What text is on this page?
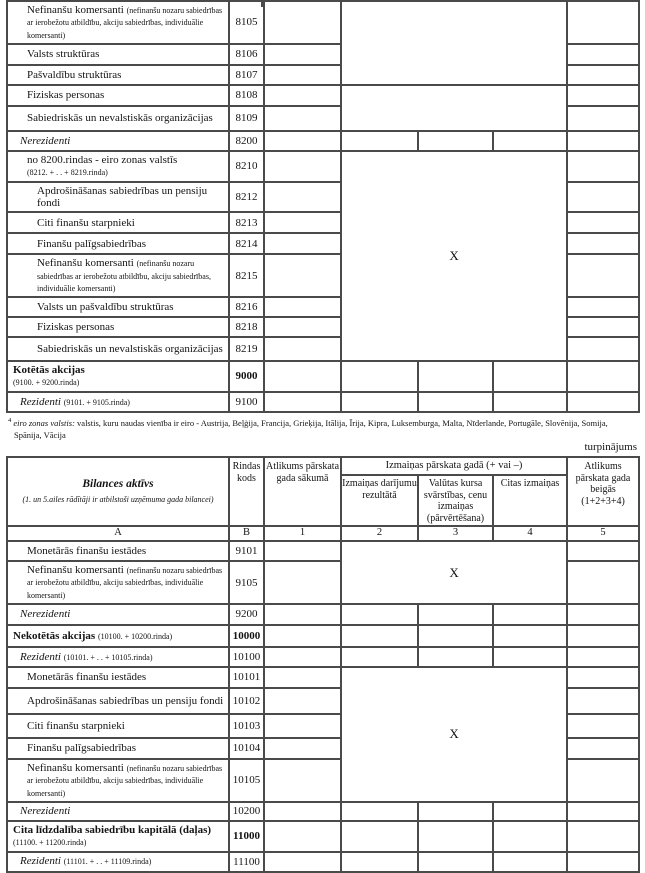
Nefinanšu komersanti (nefinanšu nozaru sabiedrības ar ierobežotu atbildību, akciju sabiedrības, individuālie komersanti)	8105					
Valsts struktūras	8106					
Pašvaldību struktūras	8107					
Fiziskas personas	8108					
Sabiedriskās un nevalstiskās organizācijas	8109					
Nerezidenti	8200					
no 8200.rindas - eiro zonas valstīs
(8212. + . . + 8219.rinda)	8210		X			
Apdrošināšanas sabiedrības un pensiju fondi	8212					
Citi finanšu starpnieki	8213					
Finanšu palīgsabiedrības	8214					
Nefinanšu komersanti (nefinanšu nozaru sabiedrības ar ierobežotu atbildību, akciju sabiedrības, individuālie komersanti)	8215					
Valsts un pašvaldību struktūras	8216					
Fiziskas personas	8218					
Sabiedriskās un nevalstiskās organizācijas	8219					
Kotētās akcijas
(9100. + 9200.rinda)	9000					
Rezidenti (9101. + 9105.rinda)	9100					
$^4$ eiro zonas valstis: valstis, kuru naudas vienība ir eiro - Austrija, Beļģija, Francija, Grieķija, Itālija, Īrija, Kipra, Luksemburga, Malta, Nīderlande, Portugāle, Slovēnija, Somija, Spānija, Vācija
turpinājums
Bilances aktīvs
(1. un 5.ailes rādītāji ir atbilstoši uzņēmuma gada bilancei)	Rindas kods	Atlikums pārskata gada sākumā	Izmaiņas pārskata gadā (+ vai –)			Atlikums pārskata gada beigās (1+2+3+4)
			Izmaiņas darījumu rezultātā	Valūtas kursa svārstības, cenu izmaiņas (pārvērtēšana)	Citas izmaiņas	
A	B	1	2	3	4	5
Monetārās finanšu iestādes	9101		X			
Nefinanšu komersanti (nefinanšu nozaru sabiedrības ar ierobežotu atbildību, akciju sabiedrības, individuālie komersanti)	9105					
Nerezidenti	9200					
Nekotētās akcijas (10100. + 10200.rinda)	10000					
Rezidenti (10101. + . . + 10105.rinda)	10100					
Monetārās finanšu iestādes	10101		X			
Apdrošināšanas sabiedrības un pensiju fondi	10102					
Citi finanšu starpnieki	10103					
Finanšu palīgsabiedrības	10104					
Nefinanšu komersanti (nefinanšu nozaru sabiedrības ar ierobežotu atbildību, akciju sabiedrības, individuālie komersanti)	10105					
Nerezidenti	10200					
Cita līdzdalība sabiedrību kapitālā (daļas) (11100. + 11200.rinda)	11000					
Rezidenti (11101. + . . + 11109.rinda)	11100					
